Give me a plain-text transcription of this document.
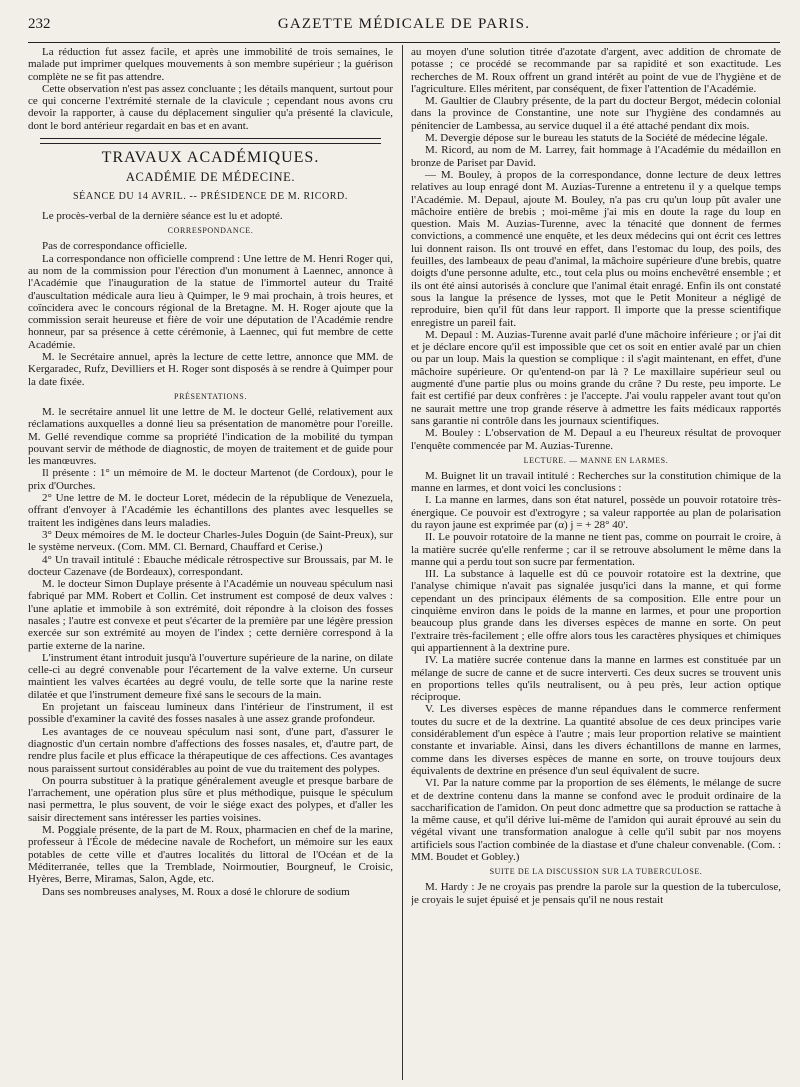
232	GAZETTE MÉDICALE DE PARIS.

La réduction fut assez facile, et après une immobilité de trois semaines, le malade put imprimer quelques mouvements à son membre supérieur ; la guérison complète ne se fit pas attendre.

Cette observation n'est pas assez concluante ; les détails manquent, surtout pour ce qui concerne l'extrémité sternale de la clavicule ; cependant nous avons cru devoir la rapporter, à cause du déplacement singulier qu'a présenté la clavicule, dont le bord antérieur regardait en bas et en avant.

TRAVAUX ACADÉMIQUES.
ACADÉMIE DE MÉDECINE.
SÉANCE DU 14 AVRIL. -- PRÉSIDENCE DE M. RICORD.

Le procès-verbal de la dernière séance est lu et adopté.

CORRESPONDANCE.

Pas de correspondance officielle.

La correspondance non officielle comprend : Une lettre de M. Henri Roger qui, au nom de la commission pour l'érection d'un monument à Laennec, annonce à l'Académie que l'inauguration de la statue de l'immortel auteur du Traité d'auscultation médicale aura lieu à Quimper, le 9 mai prochain, à trois heures, et coïncidera avec le concours régional de la Bretagne. M. H. Roger ajoute que la commission serait heureuse et fière de voir une députation de l'Académie rendre honneur, par sa présence à cette cérémonie, à Laennec, qui fut membre de cette Académie.

M. le Secrétaire annuel, après la lecture de cette lettre, annonce que MM. de Kergaradec, Rufz, Devilliers et H. Roger sont disposés à se rendre à Quimper pour la date fixée.

PRÉSENTATIONS.

M. le secrétaire annuel lit une lettre de M. le docteur Gellé, relativement aux réclamations auxquelles a donné lieu sa présentation de manomètre pour l'oreille. M. Gellé revendique comme sa propriété l'indication de la mobilité du tympan pouvant servir de méthode de diagnostic, de moyen de traitement et de guide pour les manœuvres.

Il présente : 1° un mémoire de M. le docteur Martenot (de Cordoux), pour le prix d'Ourches.

2° Une lettre de M. le docteur Loret, médecin de la république de Venezuela, offrant d'envoyer à l'Académie les échantillons des plantes avec lesquelles se traitent les indigènes dans leurs maladies.

3° Deux mémoires de M. le docteur Charles-Jules Doguin (de Saint-Preux), sur le système nerveux. (Com. MM. Cl. Bernard, Chauffard et Cerise.)

4° Un travail intitulé : Ebauche médicale rétrospective sur Broussais, par M. le docteur Cazenave (de Bordeaux), correspondant.

M. le docteur Simon Duplaye présente à l'Académie un nouveau spéculum nasi fabriqué par MM. Robert et Collin. Cet instrument est composé de deux valves : l'une aplatie et immobile à son extrémité, doit répondre à la cloison des fosses nasales ; l'autre est convexe et peut s'écarter de la première par une légère pression exercée sur son extrémité au moyen de l'index ; cette dernière correspond à la partie externe de la narine.

L'instrument étant introduit jusqu'à l'ouverture supérieure de la narine, on dilate celle-ci au degré convenable pour l'écartement de la valve externe. Un curseur maintient les valves écartées au degré voulu, de telle sorte que la narine reste dilatée et que l'instrument demeure fixé sans le secours de la main.

En projetant un faisceau lumineux dans l'intérieur de l'instrument, il est possible d'examiner la cavité des fosses nasales à une assez grande profondeur.

Les avantages de ce nouveau spéculum nasi sont, d'une part, d'assurer le diagnostic d'un certain nombre d'affections des fosses nasales, et, d'autre part, de rendre plus facile et plus efficace la thérapeutique de ces affections. Ces avantages nous paraissent surtout considérables au point de vue du traitement des polypes.

On pourra substituer à la pratique généralement aveugle et presque barbare de l'arrachement, une opération plus sûre et plus méthodique, puisque le spéculum nasi permettra, le plus souvent, de voir le siége exact des polypes, et d'aller les saisir directement sans intéresser les parties voisines.

M. Poggiale présente, de la part de M. Roux, pharmacien en chef de la marine, professeur à l'École de médecine navale de Rochefort, un mémoire sur les eaux potables de cette ville et d'autres localités du littoral de l'Océan et de la Méditerranée, telles que la Tremblade, Noirmoutier, Bourgneuf, le Croisic, Hyères, Berre, Miramas, Salon, Agde, etc.

Dans ses nombreuses analyses, M. Roux a dosé le chlorure de sodium

au moyen d'une solution titrée d'azotate d'argent, avec addition de chromate de potasse ; ce procédé se recommande par sa rapidité et son exactitude. Les recherches de M. Roux offrent un grand intérêt au point de vue de l'hygiène et de l'agriculture. Elles méritent, par conséquent, de fixer l'attention de l'Académie.

M. Gaultier de Claubry présente, de la part du docteur Bergot, médecin colonial dans la province de Constantine, une note sur l'hygiène des condamnés au pénitencier de Lambessa, au service duquel il a été attaché pendant dix mois.

M. Devergie dépose sur le bureau les statuts de la Société de médecine légale.

M. Ricord, au nom de M. Larrey, fait hommage à l'Académie du médaillon en bronze de Pariset par David.

— M. Bouley, à propos de la correspondance, donne lecture de deux lettres relatives au loup enragé dont M. Auzias-Turenne a entretenu il y a quelque temps l'Académie. M. Depaul, ajoute M. Bouley, n'a pas cru qu'un loup pût avaler une mâchoire entière de brebis ; moi-même j'ai mis en doute la rage du loup en question. Mais M. Auzias-Turenne, avec la ténacité que donnent de fermes convictions, a commencé une enquête, et les deux médecins qui ont écrit ces lettres lui donnent raison. Ils ont trouvé en effet, dans l'estomac du loup, des poils, des feuilles, des lambeaux de peau d'animal, la mâchoire supérieure d'une brebis, quatre doigts d'une personne adulte, etc., tout cela plus ou moins enchevêtré ensemble ; et ils ont été ainsi autorisés à conclure que l'animal était enragé. Enfin ils ont constaté sous la langue la présence de lysses, mot que le Petit Moniteur a négligé de reproduire, bien qu'il fût dans leur rapport. Il importe que la presse scientifique enregistre un pareil fait.

M. Depaul : M. Auzias-Turenne avait parlé d'une mâchoire inférieure ; or j'ai dit et je déclare encore qu'il est impossible que cet os soit en entier avalé par un chien ou par un loup. Mais la question se complique : il s'agit maintenant, en effet, d'une mâchoire supérieure. Or qu'entend-on par là ? Le maxillaire supérieur seul ou augmenté d'une partie plus ou moins grande du crâne ? Du reste, peu importe. Le fait est certifié par deux confrères : je l'accepte. J'ai voulu rappeler avant tout qu'on ne saurait mettre une trop grande réserve à admettre les faits médicaux rapportés sans garantie ni contrôle dans les journaux scientifiques.

M. Bouley : L'observation de M. Depaul a eu l'heureux résultat de provoquer l'enquête commencée par M. Auzias-Turenne.

LECTURE. — MANNE EN LARMES.

M. Buignet lit un travail intitulé : Recherches sur la constitution chimique de la manne en larmes, et dont voici les conclusions :

I. La manne en larmes, dans son état naturel, possède un pouvoir rotatoire très-énergique. Ce pouvoir est d'extrogyre ; sa valeur rapportée au plan de polarisation du rayon jaune est exprimée par (α) j = + 28° 40'.

II. Le pouvoir rotatoire de la manne ne tient pas, comme on pourrait le croire, à la matière sucrée qu'elle renferme ; car il se retrouve absolument le même dans la manne qui a perdu tout son sucre par fermentation.

III. La substance à laquelle est dû ce pouvoir rotatoire est la dextrine, que l'analyse chimique n'avait pas signalée jusqu'ici dans la manne, et qui forme cependant un des principaux éléments de sa composition. Elle entre pour un cinquième environ dans le poids de la manne en larmes, et pour une proportion beaucoup plus grande dans les diverses espèces de manne en sorte. On peut l'extraire très-facilement ; elle offre alors tous les caractères physiques et chimiques qui appartiennent à la dextrine pure.

IV. La matière sucrée contenue dans la manne en larmes est constituée par un mélange de sucre de canne et de sucre interverti. Ces deux sucres se trouvent unis en proportions telles qu'ils neutralisent, ou à peu près, leur action optique réciproque.

V. Les diverses espèces de manne répandues dans le commerce renferment toutes du sucre et de la dextrine. La quantité absolue de ces deux principes varie considérablement d'un espèce à l'autre ; mais leur proportion relative se maintient constante et invariable. Ainsi, dans les divers échantillons de manne en larmes, comme dans les diverses espèces de manne en sorte, on trouve toujours deux équivalents de dextrine en présence d'un seul équivalent de sucre.

VI. Par la nature comme par la proportion de ses éléments, le mélange de sucre et de dextrine contenu dans la manne se confond avec le produit ordinaire de la saccharification de l'amidon. On peut donc admettre que sa production se rattache à la même cause, et qu'il dérive lui-même de l'amidon qui aurait éprouvé au sein du végétal vivant une transformation analogue à celle qu'il subit par nos moyens artificiels sous l'action combinée de la diastase et d'une chaleur convenable. (Com. : MM. Boudet et Gobley.)

SUITE DE LA DISCUSSION SUR LA TUBERCULOSE.

M. Hardy : Je ne croyais pas prendre la parole sur la question de la tuberculose, je croyais le sujet épuisé et je pensais qu'il ne nous restait
